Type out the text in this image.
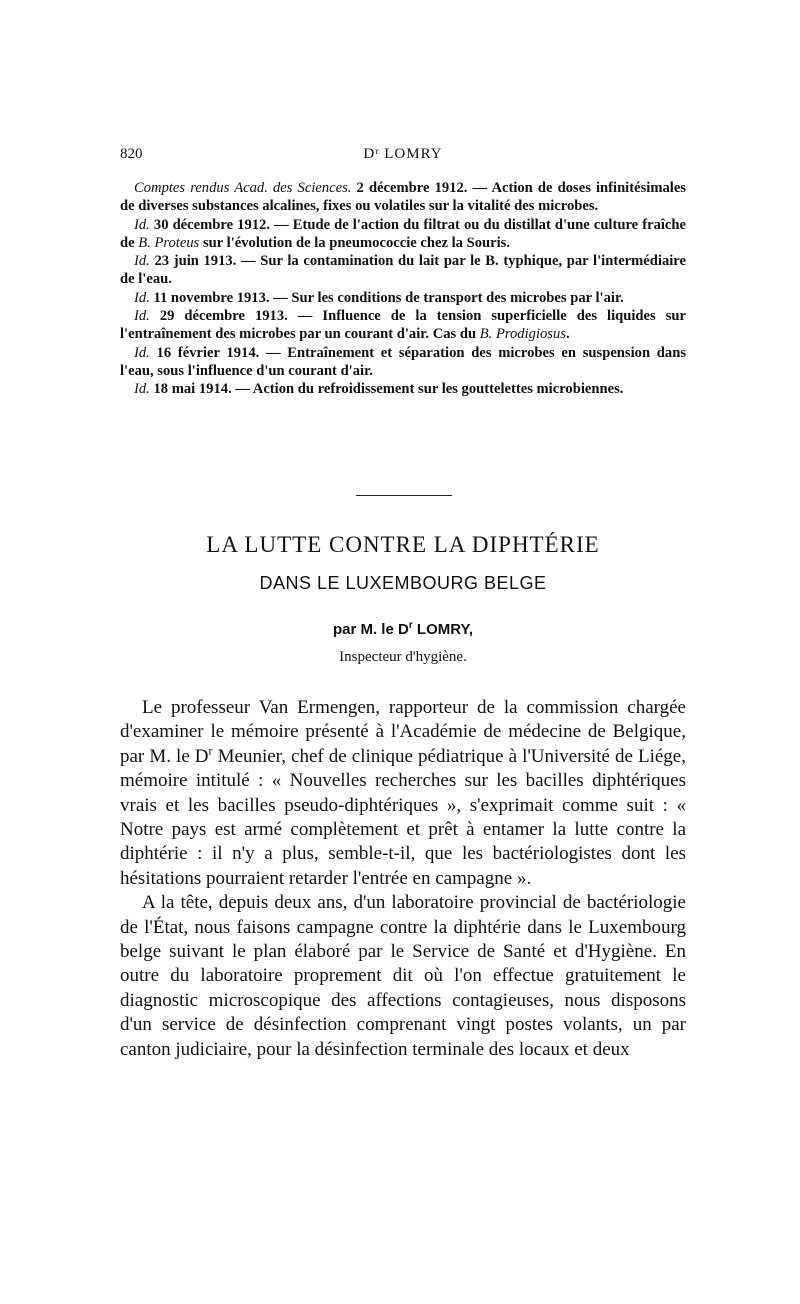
820	Dʳ LOMRY

Comptes rendus Acad. des Sciences. 2 décembre 1912. — Action de doses infinitésimales de diverses substances alcalines, fixes ou volatiles sur la vitalité des microbes.

Id. 30 décembre 1912. — Etude de l'action du filtrat ou du distillat d'une culture fraîche de B. Proteus sur l'évolution de la pneumococcie chez la Souris.

Id. 23 juin 1913. — Sur la contamination du lait par le B. typhique, par l'intermédiaire de l'eau.

Id. 11 novembre 1913. — Sur les conditions de transport des microbes par l'air.

Id. 29 décembre 1913. — Influence de la tension superficielle des liquides sur l'entraînement des microbes par un courant d'air. Cas du B. Prodigiosus.

Id. 16 février 1914. — Entraînement et séparation des microbes en suspension dans l'eau, sous l'influence d'un courant d'air.

Id. 18 mai 1914. — Action du refroidissement sur les gouttelettes microbiennes.

LA LUTTE CONTRE LA DIPHTÉRIE
DANS LE LUXEMBOURG BELGE
par M. le $D^r$ LOMRY,
Inspecteur d'hygiène.

Le professeur Van Ermengen, rapporteur de la commission chargée d'examiner le mémoire présenté à l'Académie de médecine de Belgique, par M. le $D^r$ Meunier, chef de clinique pédiatrique à l'Université de Liége, mémoire intitulé : « Nouvelles recherches sur les bacilles diphtériques vrais et les bacilles pseudo-diphtériques », s'exprimait comme suit : « Notre pays est armé complètement et prêt à entamer la lutte contre la diphtérie : il n'y a plus, semble-t-il, que les bactériologistes dont les hésitations pourraient retarder l'entrée en campagne ».

A la tête, depuis deux ans, d'un laboratoire provincial de bactériologie de l'État, nous faisons campagne contre la diphtérie dans le Luxembourg belge suivant le plan élaboré par le Service de Santé et d'Hygiène. En outre du laboratoire proprement dit où l'on effectue gratuitement le diagnostic microscopique des affections contagieuses, nous disposons d'un service de désinfection comprenant vingt postes volants, un par canton judiciaire, pour la désinfection terminale des locaux et deux
